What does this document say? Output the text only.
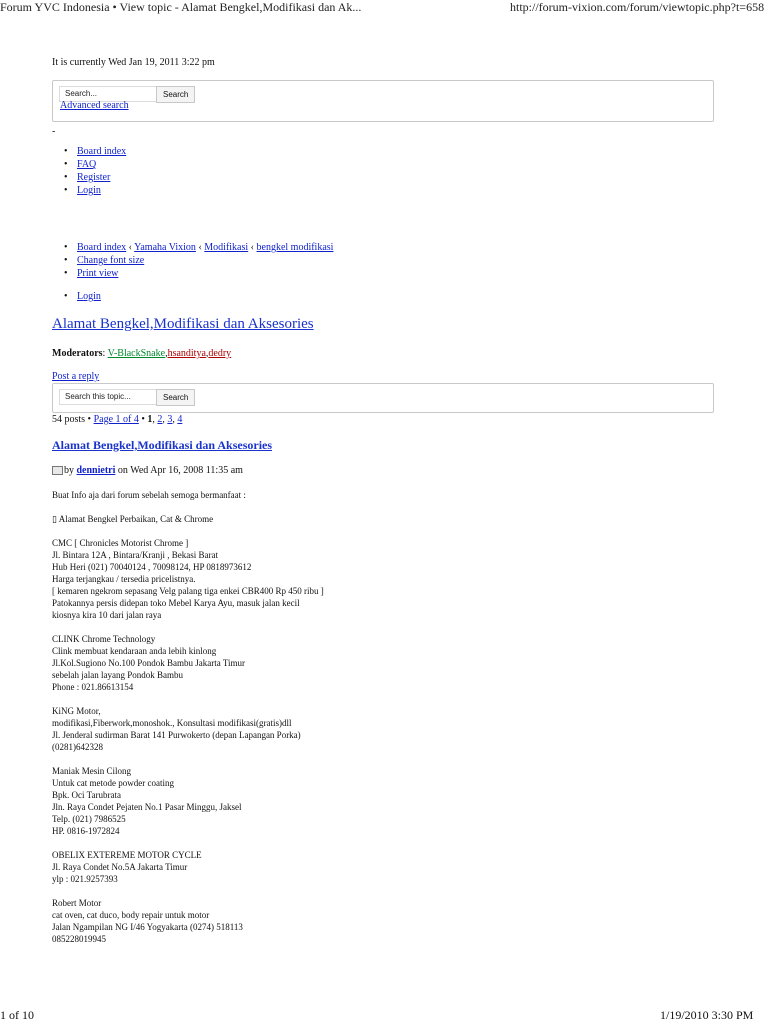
Forum YVC Indonesia • View topic - Alamat Bengkel,Modifikasi dan Ak...	http://forum-vixion.com/forum/viewtopic.php?t=658
It is currently Wed Jan 19, 2011 3:22 pm
Search...	Search
Advanced search
-
• Board index
• FAQ
• Register
• Login
• Board index ‹ Yamaha Vixion ‹ Modifikasi ‹ bengkel modifikasi
• Change font size
• Print view
• Login
Alamat Bengkel,Modifikasi dan Aksesories
Moderators: V-BlackSnake,hsanditya,dedry
Post a reply
Search this topic...	Search
54 posts • Page 1 of 4 • 1, 2, 3, 4
Alamat Bengkel,Modifikasi dan Aksesories
by dennietri on Wed Apr 16, 2008 11:35 am
Buat Info aja dari forum sebelah semoga bermanfaat :

▯ Alamat Bengkel Perbaikan, Cat & Chrome

CMC [ Chronicles Motorist Chrome ]
Jl. Bintara 12A , Bintara/Kranji , Bekasi Barat
Hub Heri (021) 70040124 , 70098124, HP 0818973612
Harga terjangkau / tersedia pricelistnya.
[ kemaren ngekrom sepasang Velg palang tiga enkei CBR400 Rp 450 ribu ]
Patokannya persis didepan toko Mebel Karya Ayu, masuk jalan kecil
kiosnya kira 10 dari jalan raya

CLINK Chrome Technology
Clink membuat kendaraan anda lebih kinlong
Jl.Kol.Sugiono No.100 Pondok Bambu Jakarta Timur
sebelah jalan layang Pondok Bambu
Phone : 021.86613154

KiNG Motor,
modifikasi,Fiberwork,monoshok., Konsultasi modifikasi(gratis)dll
Jl. Jenderal sudirman Barat 141 Purwokerto (depan Lapangan Porka)
(0281)642328

Maniak Mesin Cilong
Untuk cat metode powder coating
Bpk. Oci Tarubrata
Jln. Raya Condet Pejaten No.1 Pasar Minggu, Jaksel
Telp. (021) 7986525
HP. 0816-1972824

OBELIX EXTEREME MOTOR CYCLE
Jl. Raya Condet No.5A Jakarta Timur
ylp : 021.9257393

Robert Motor
cat oven, cat duco, body repair untuk motor
Jalan Ngampilan NG I/46 Yogyakarta (0274) 518113
085228019945
1 of 10	1/19/2010 3:30 PM
